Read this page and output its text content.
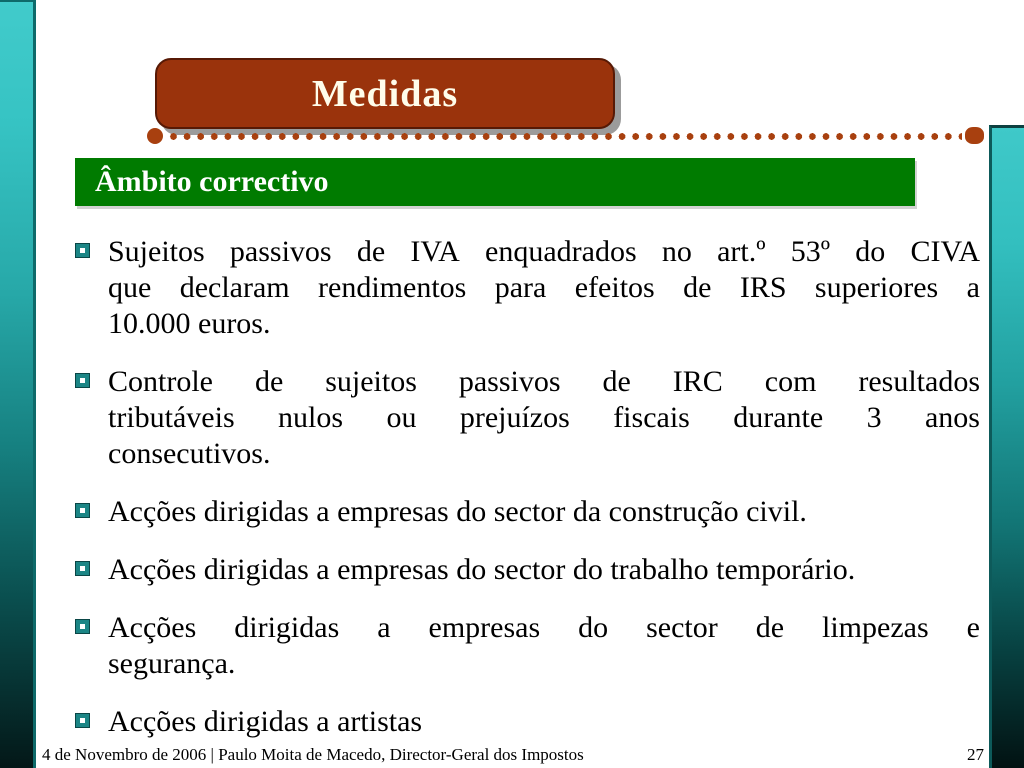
Medidas
Âmbito correctivo
Sujeitos passivos de IVA enquadrados no art.º 53º do CIVA
que declaram rendimentos para efeitos de IRS superiores a
10.000 euros.
Controle de sujeitos passivos de IRC com resultados
tributáveis nulos ou prejuízos fiscais durante 3 anos
consecutivos.
Acções dirigidas a empresas do sector da construção civil.
Acções dirigidas a empresas do sector do trabalho temporário.
Acções dirigidas a empresas do sector de limpezas e
segurança.
Acções dirigidas a artistas
4 de Novembro de 2006 | Paulo Moita de Macedo, Director-Geral dos Impostos	27
